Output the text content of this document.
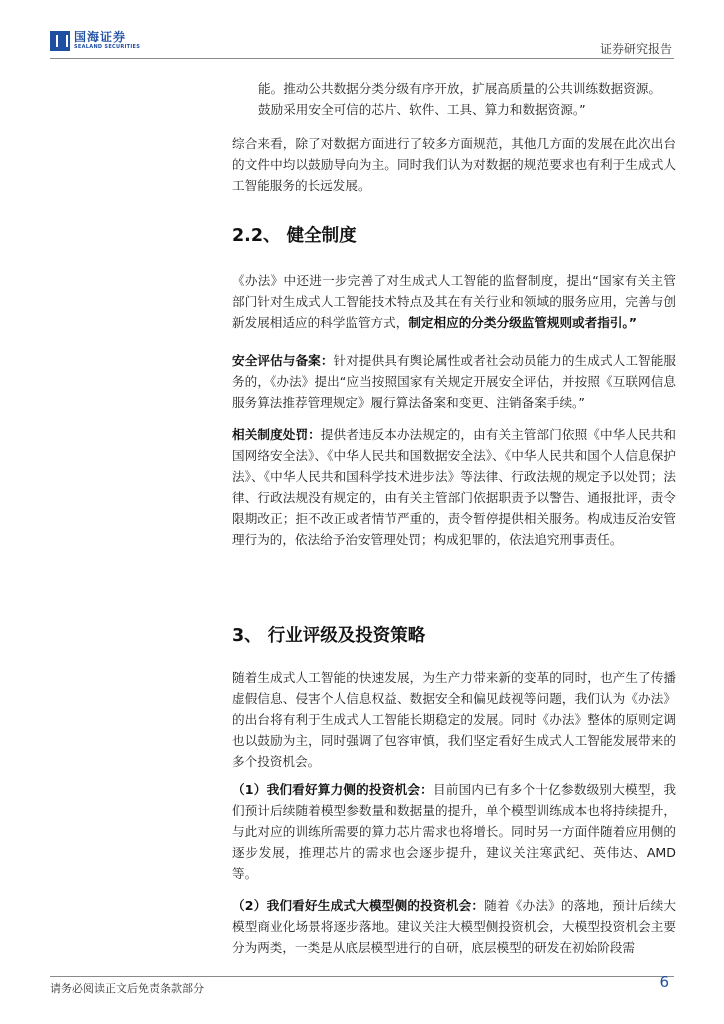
国海证券
SEALAND SECURITIES	证券研究报告
能。推动公共数据分类分级有序开放，扩展高质量的公共训练数据资源。
鼓励采用安全可信的芯片、软件、工具、算力和数据资源。”
综合来看，除了对数据方面进行了较多方面规范，其他几方面的发展在此次出台的文件中均以鼓励导向为主。同时我们认为对数据的规范要求也有利于生成式人工智能服务的长远发展。
2.2、 健全制度
《办法》中还进一步完善了对生成式人工智能的监督制度，提出“国家有关主管部门针对生成式人工智能技术特点及其在有关行业和领域的服务应用，完善与创新发展相适应的科学监管方式，制定相应的分类分级监管规则或者指引。”
安全评估与备案：针对提供具有舆论属性或者社会动员能力的生成式人工智能服务的，《办法》提出“应当按照国家有关规定开展安全评估，并按照《互联网信息服务算法推荐管理规定》履行算法备案和变更、注销备案手续。”
相关制度处罚：提供者违反本办法规定的，由有关主管部门依照《中华人民共和国网络安全法》、《中华人民共和国数据安全法》、《中华人民共和国个人信息保护法》、《中华人民共和国科学技术进步法》等法律、行政法规的规定予以处罚；法律、行政法规没有规定的，由有关主管部门依据职责予以警告、通报批评，责令限期改正；拒不改正或者情节严重的，责令暂停提供相关服务。构成违反治安管理行为的，依法给予治安管理处罚；构成犯罪的，依法追究刑事责任。
3、 行业评级及投资策略
随着生成式人工智能的快速发展，为生产力带来新的变革的同时，也产生了传播虚假信息、侵害个人信息权益、数据安全和偏见歧视等问题，我们认为《办法》的出台将有利于生成式人工智能长期稳定的发展。同时《办法》整体的原则定调也以鼓励为主，同时强调了包容审慎，我们坚定看好生成式人工智能发展带来的多个投资机会。
（1）我们看好算力侧的投资机会：目前国内已有多个十亿参数级别大模型，我们预计后续随着模型参数量和数据量的提升，单个模型训练成本也将持续提升，与此对应的训练所需要的算力芯片需求也将增长。同时另一方面伴随着应用侧的逐步发展，推理芯片的需求也会逐步提升，建议关注寒武纪、英伟达、AMD 等。
（2）我们看好生成式大模型侧的投资机会：随着《办法》的落地，预计后续大模型商业化场景将逐步落地。建议关注大模型侧投资机会，大模型投资机会主要分为两类，一类是从底层模型进行的自研，底层模型的研发在初始阶段需
请务必阅读正文后免责条款部分	6
